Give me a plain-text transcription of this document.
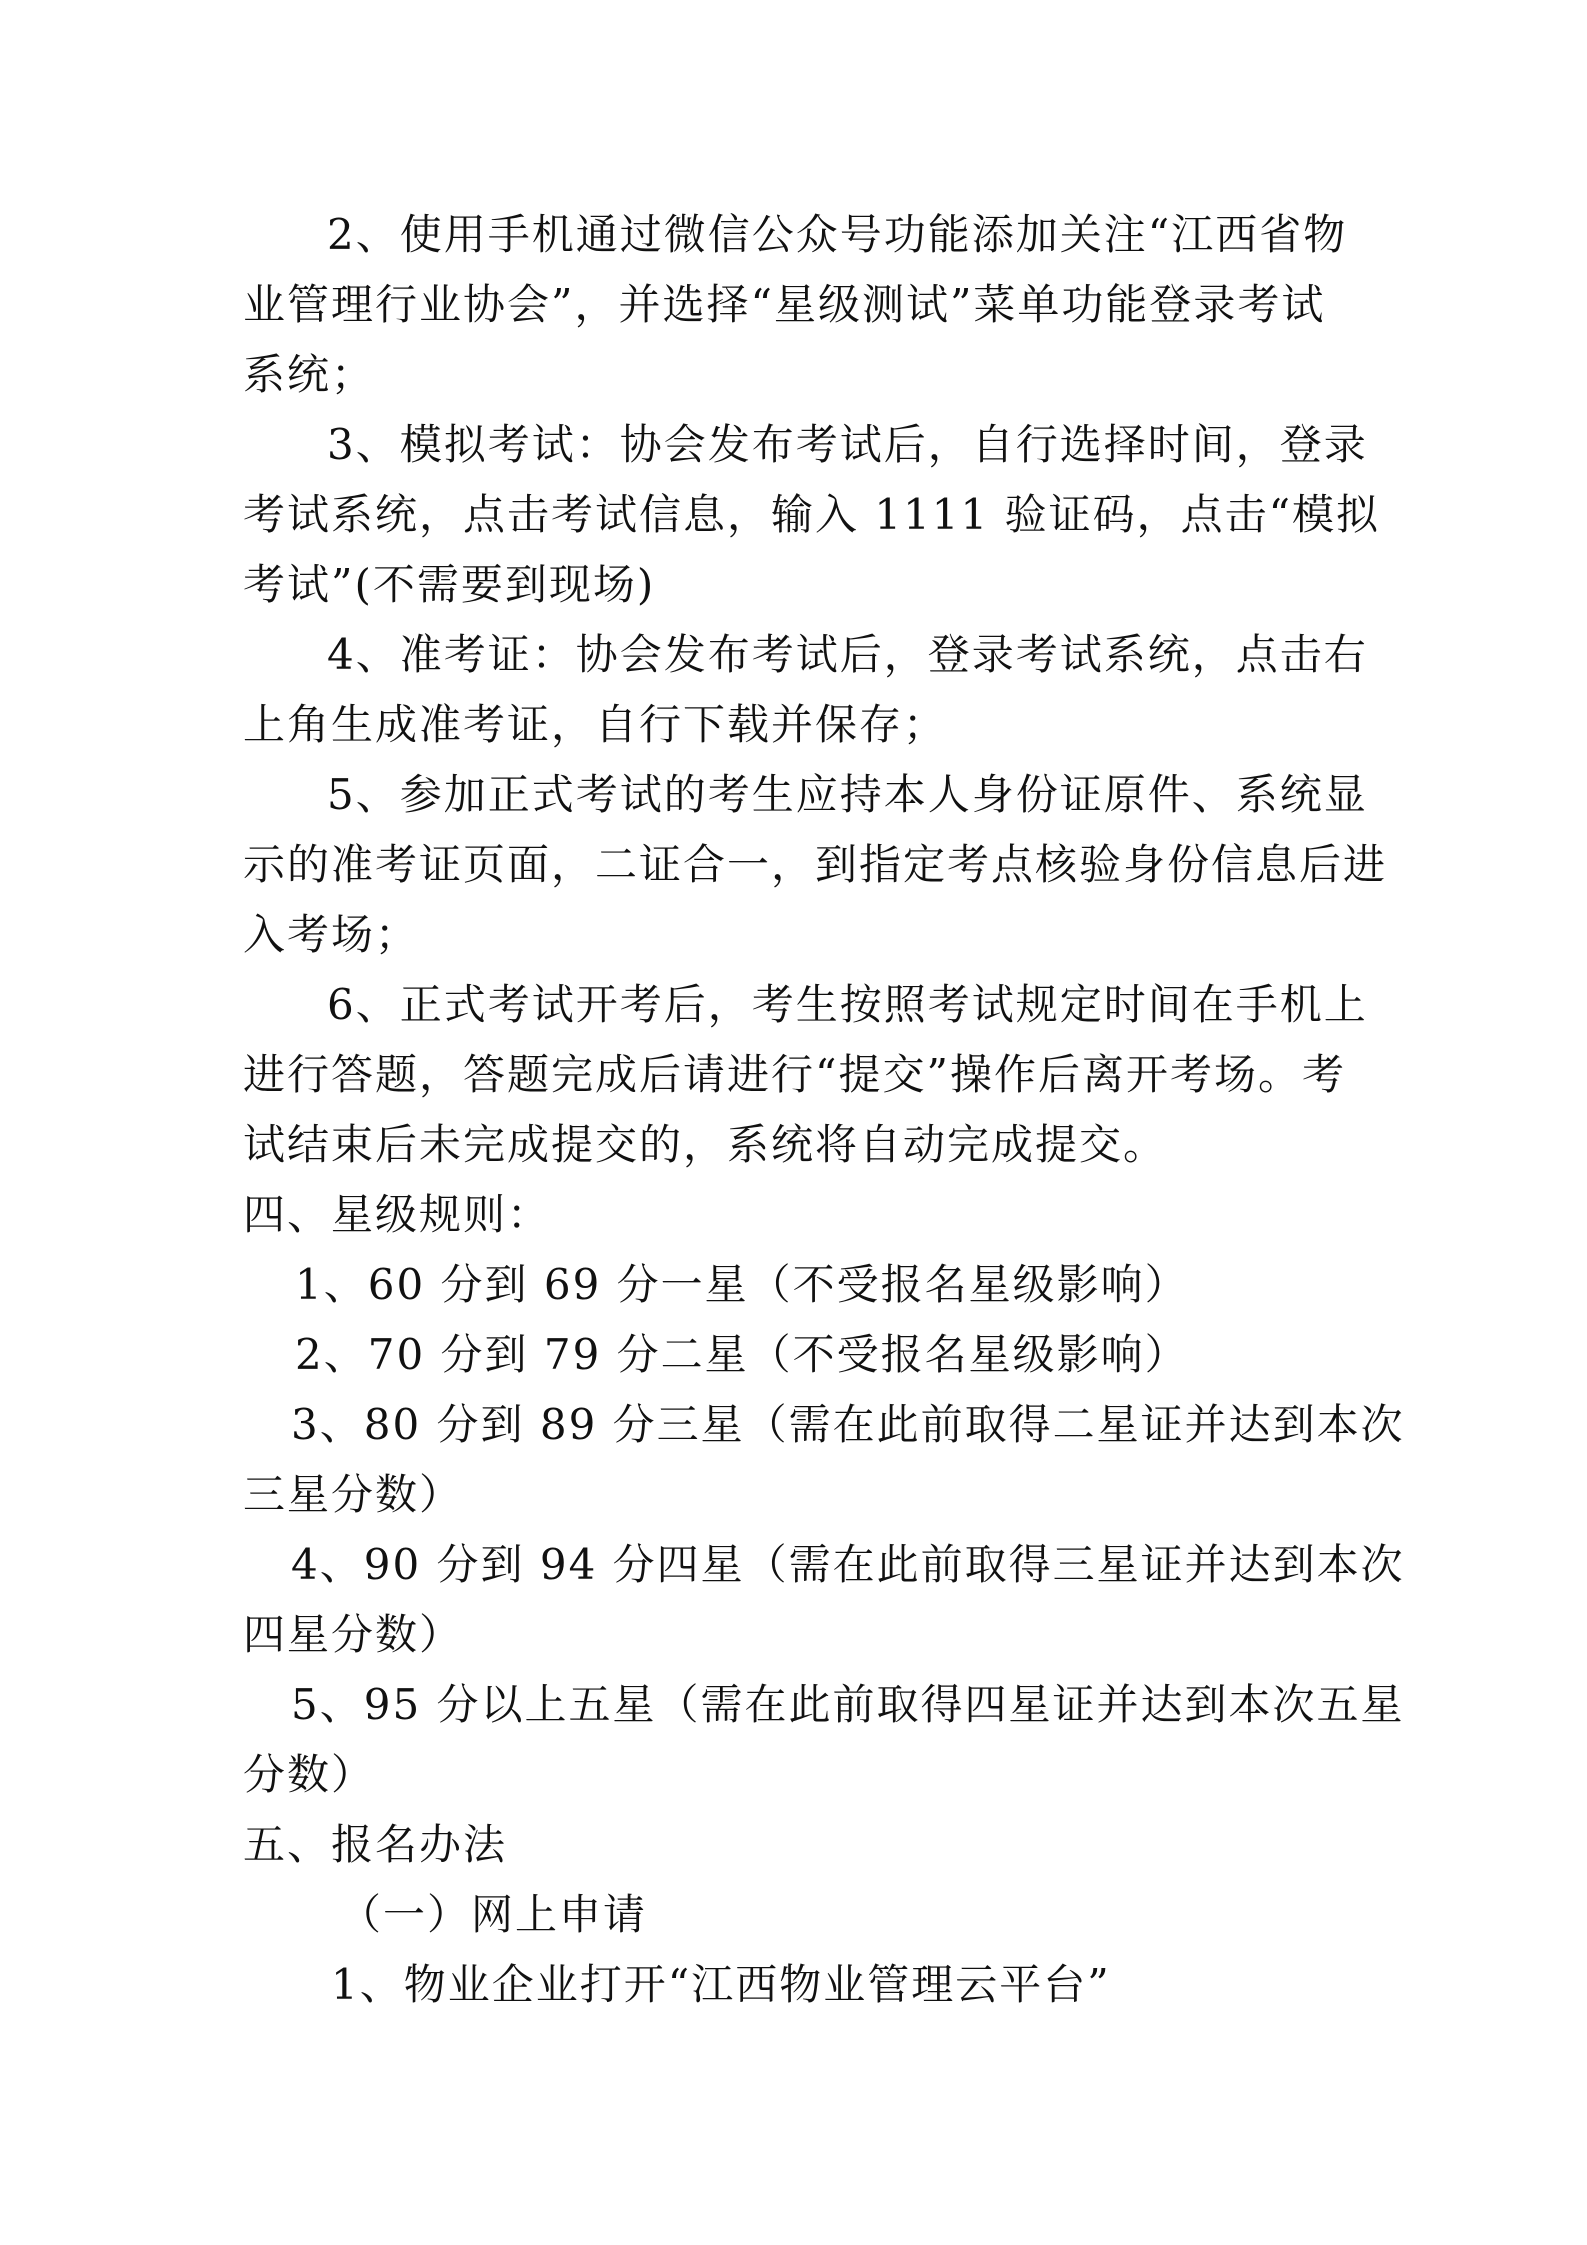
2、使用手机通过微信公众号功能添加关注“江西省物
业管理行业协会”，并选择“星级测试”菜单功能登录考试
系统；
3、模拟考试：协会发布考试后，自行选择时间，登录
考试系统，点击考试信息，输入 1111 验证码，点击“模拟
考试”(不需要到现场)
4、准考证：协会发布考试后，登录考试系统，点击右
上角生成准考证，自行下载并保存；
5、参加正式考试的考生应持本人身份证原件、系统显
示的准考证页面，二证合一，到指定考点核验身份信息后进
入考场；
6、正式考试开考后，考生按照考试规定时间在手机上
进行答题，答题完成后请进行“提交”操作后离开考场。考
试结束后未完成提交的，系统将自动完成提交。
四、星级规则：
1、60 分到 69 分一星（不受报名星级影响）
2、70 分到 79 分二星（不受报名星级影响）
3、80 分到 89 分三星（需在此前取得二星证并达到本次
三星分数）
4、90 分到 94 分四星（需在此前取得三星证并达到本次
四星分数）
5、95 分以上五星（需在此前取得四星证并达到本次五星
分数）
五、报名办法
（一）网上申请
1、物业企业打开“江西物业管理云平台”
